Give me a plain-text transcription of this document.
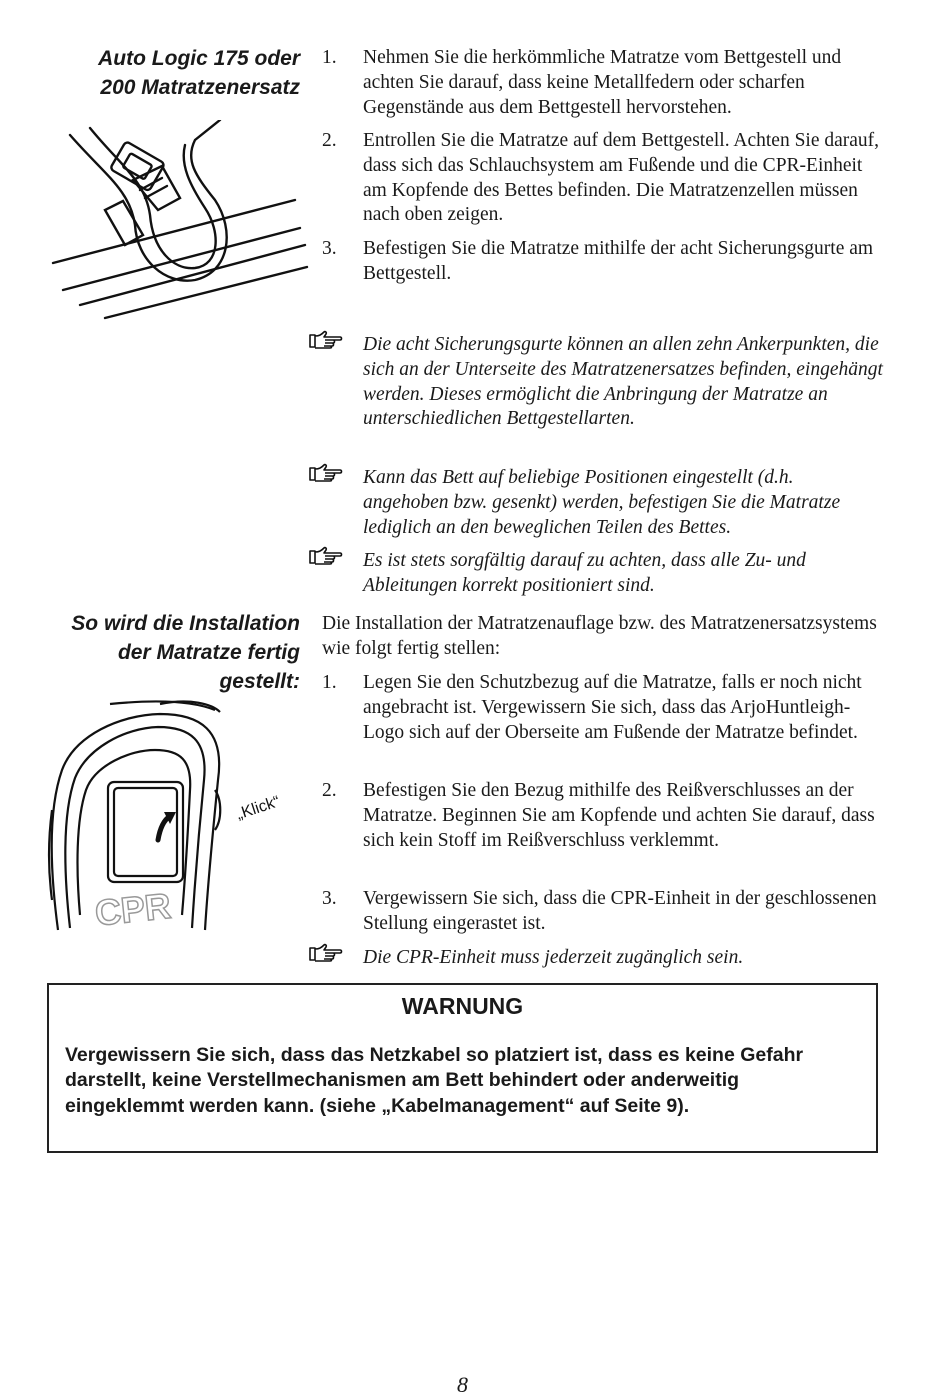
Auto Logic 175 oder
200 Matratzenersatz
1. Nehmen Sie die herkömmliche Matratze vom Bettgestell und achten Sie darauf, dass keine Metallfedern oder scharfen Gegenstände aus dem Bettgestell hervorstehen.
2. Entrollen Sie die Matratze auf dem Bettgestell. Achten Sie darauf, dass sich das Schlauchsystem am Fußende und die CPR-Einheit am Kopfende des Bettes befinden. Die Matratzenzellen müssen nach oben zeigen.
3. Befestigen Sie die Matratze mithilfe der acht Sicherungsgurte am Bettgestell.
Die acht Sicherungsgurte können an allen zehn Ankerpunkten, die sich an der Unterseite des Matratzenersatzes befinden, eingehängt werden. Dieses ermöglicht die Anbringung der Matratze an unterschiedlichen Bettgestellarten.
Kann das Bett auf beliebige Positionen eingestellt (d.h. angehoben bzw. gesenkt) werden, befestigen Sie die Matratze lediglich an den beweglichen Teilen des Bettes.
Es ist stets sorgfältig darauf zu achten, dass alle Zu- und Ableitungen korrekt positioniert sind.
So wird die Installation
der Matratze fertig
gestellt:
CPR
„Klick“
Die Installation der Matratzenauflage bzw. des Matratzenersatzsystems wie folgt fertig stellen:
1. Legen Sie den Schutzbezug auf die Matratze, falls er noch nicht angebracht ist. Vergewissern Sie sich, dass das ArjoHuntleigh-Logo sich auf der Oberseite am Fußende der Matratze befindet.
2. Befestigen Sie den Bezug mithilfe des Reißverschlusses an der Matratze. Beginnen Sie am Kopfende und achten Sie darauf, dass sich kein Stoff im Reißverschluss verklemmt.
3. Vergewissern Sie sich, dass die CPR-Einheit in der geschlossenen Stellung eingerastet ist.
Die CPR-Einheit muss jederzeit zugänglich sein.
WARNUNG
Vergewissern Sie sich, dass das Netzkabel so platziert ist, dass es keine Gefahr darstellt, keine Verstellmechanismen am Bett behindert oder anderweitig eingeklemmt werden kann. (siehe „Kabelmanagement“ auf Seite 9).
8
